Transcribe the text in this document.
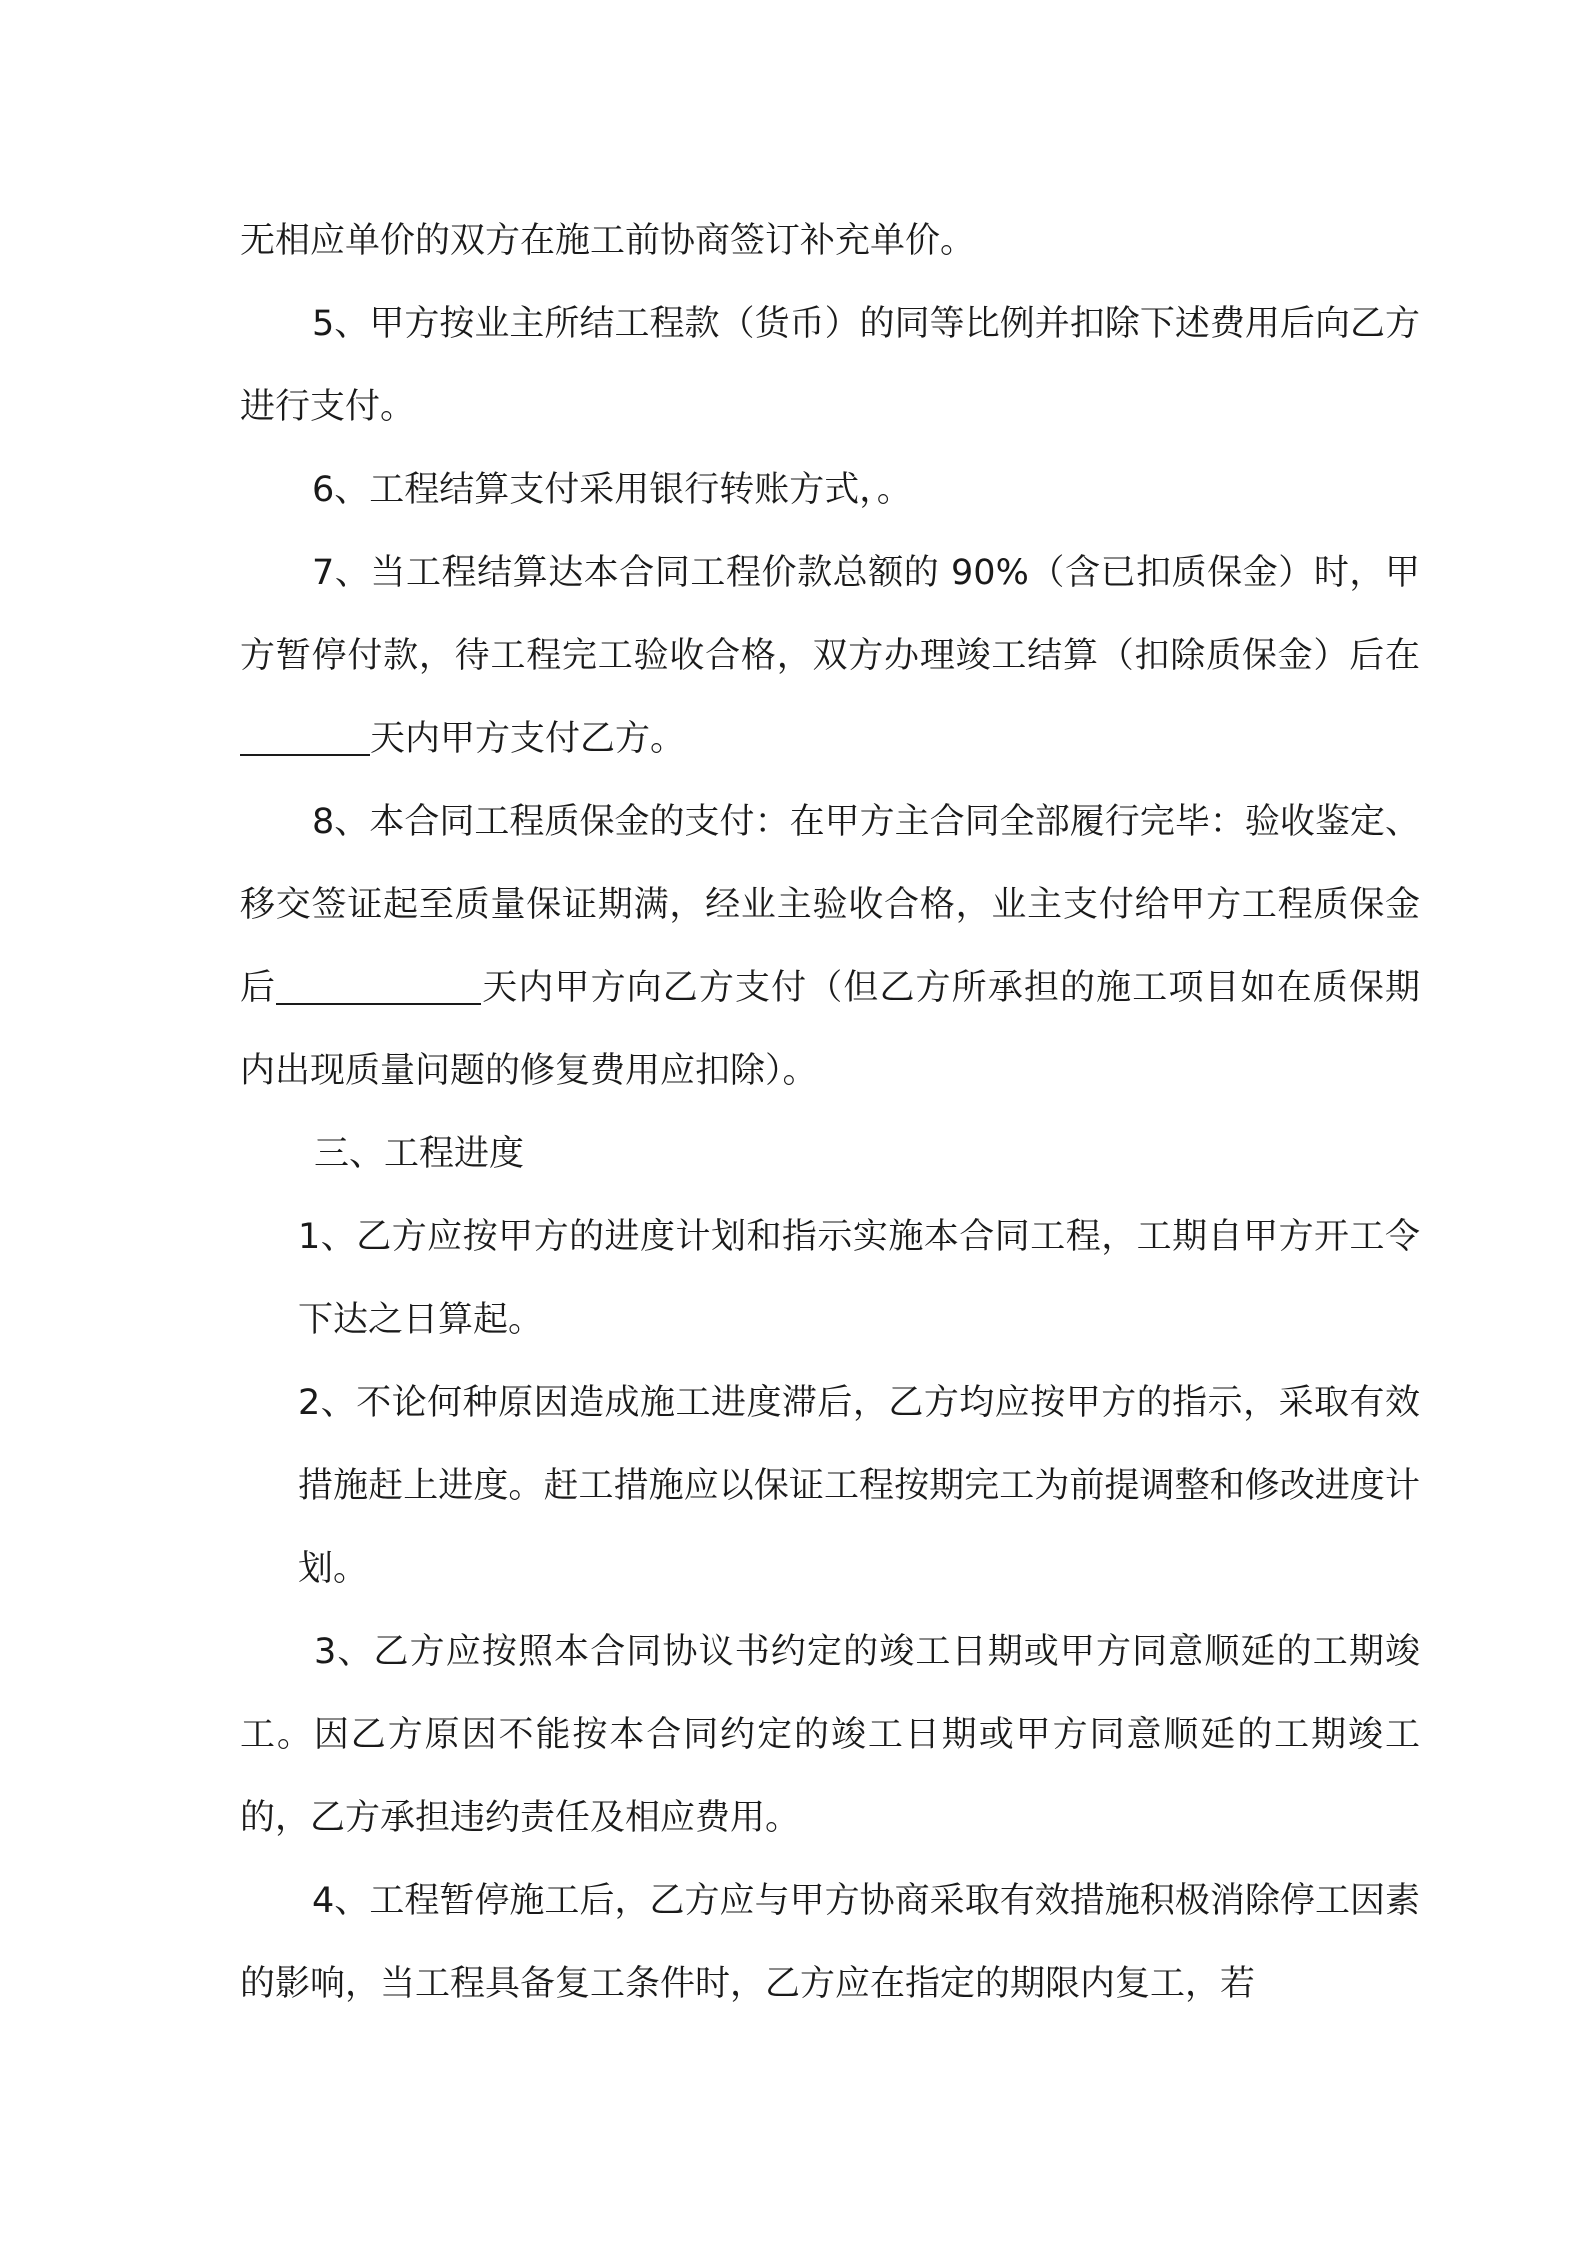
无相应单价的双方在施工前协商签订补充单价。

5、甲方按业主所结工程款（货币）的同等比例并扣除下述费用后向乙方进行支付。

6、工程结算支付采用银行转账方式，。

7、当工程结算达本合同工程价款总额的 90%（含已扣质保金）时，甲方暂停付款，待工程完工验收合格，双方办理竣工结算（扣除质保金）后在天内甲方支付乙方。

8、本合同工程质保金的支付：在甲方主合同全部履行完毕：验收鉴定、移交签证起至质量保证期满，经业主验收合格，业主支付给甲方工程质保金后	天内甲方向乙方支付（但乙方所承担的施工项目如在质保期内出现质量问题的修复费用应扣除）。

三、工程进度

1、乙方应按甲方的进度计划和指示实施本合同工程，工期自甲方开工令下达之日算起。

2、不论何种原因造成施工进度滞后，乙方均应按甲方的指示，采取有效措施赶上进度。赶工措施应以保证工程按期完工为前提调整和修改进度计划。

3、乙方应按照本合同协议书约定的竣工日期或甲方同意顺延的工期竣工。因乙方原因不能按本合同约定的竣工日期或甲方同意顺延的工期竣工的，乙方承担违约责任及相应费用。

4、工程暂停施工后，乙方应与甲方协商采取有效措施积极消除停工因素的影响，当工程具备复工条件时，乙方应在指定的期限内复工，若
